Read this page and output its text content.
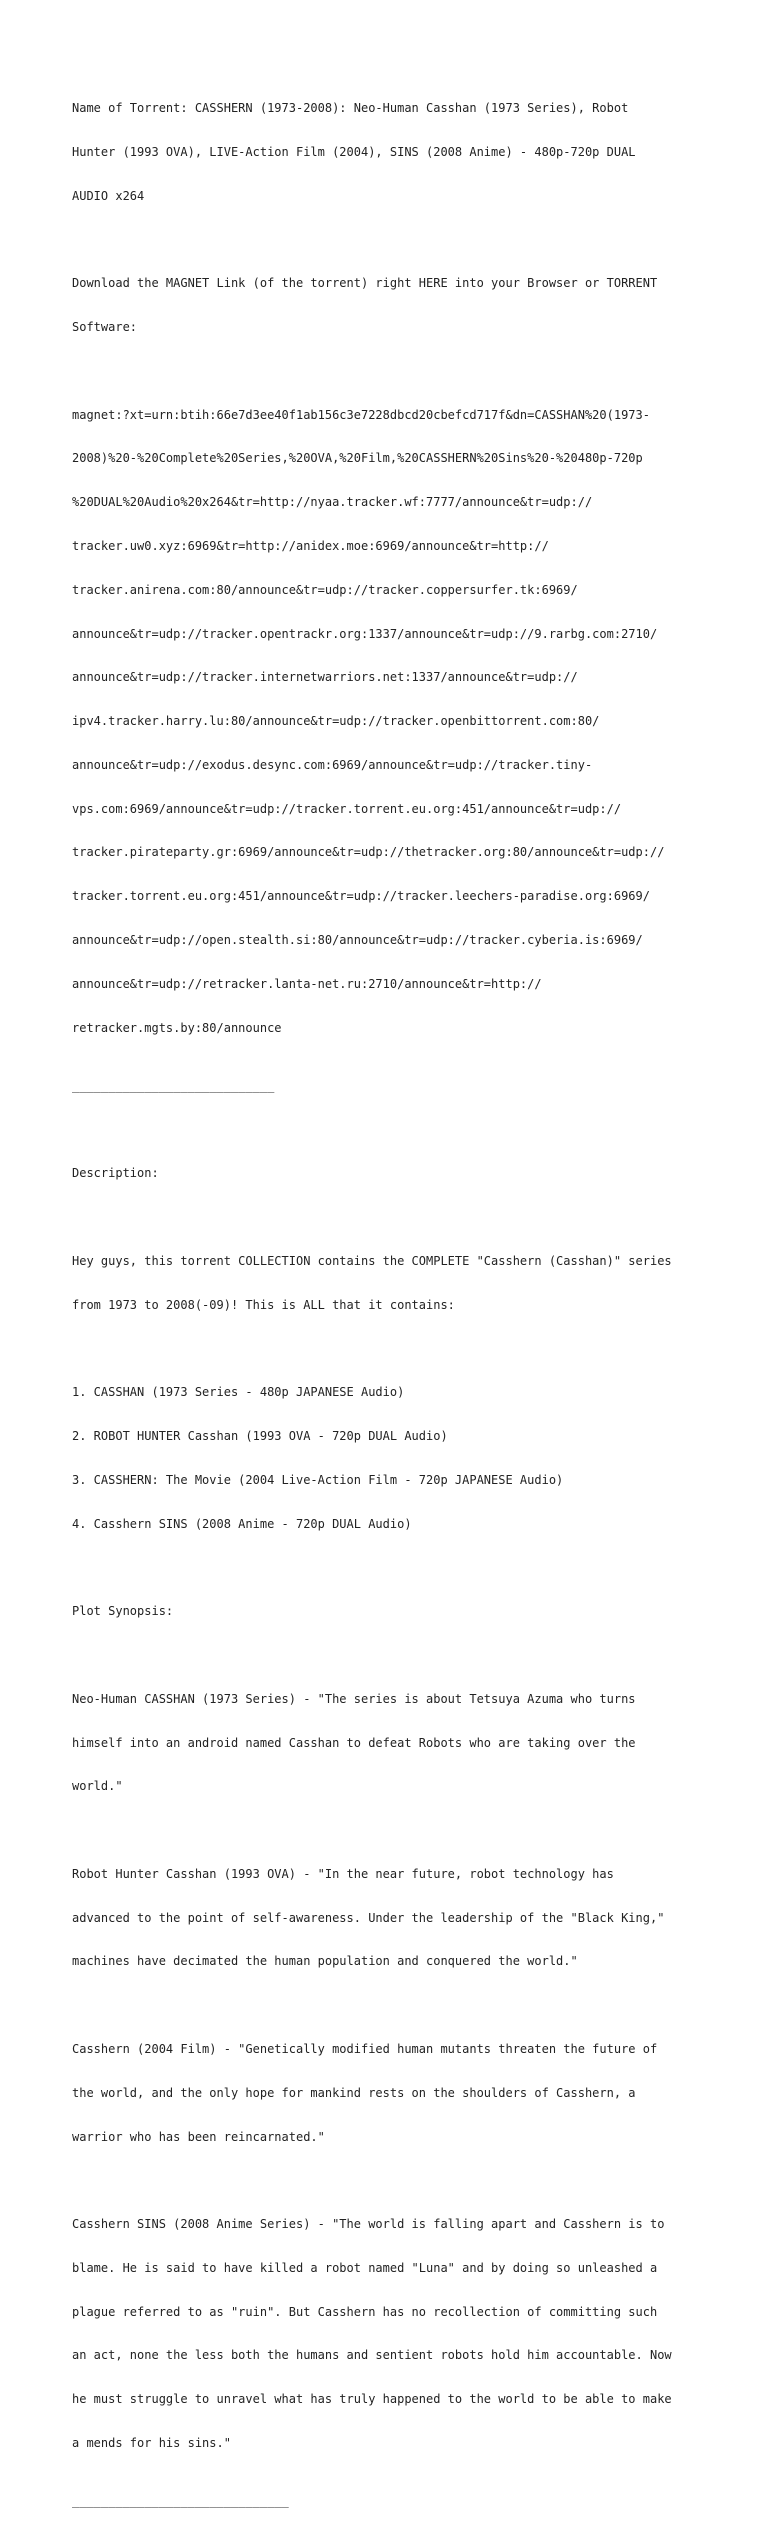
Name of Torrent: CASSHERN (1973-2008): Neo-Human Casshan (1973 Series), Robot

Hunter (1993 OVA), LIVE-Action Film (2004), SINS (2008 Anime) - 480p-720p DUAL

AUDIO x264

Download the MAGNET Link (of the torrent) right HERE into your Browser or TORRENT

Software:

magnet:?xt=urn:btih:66e7d3ee40f1ab156c3e7228dbcd20cbefcd717f&dn=CASSHAN%20(1973-

2008)%20-%20Complete%20Series,%20OVA,%20Film,%20CASSHERN%20Sins%20-%20480p-720p

%20DUAL%20Audio%20x264&tr=http://nyaa.tracker.wf:7777/announce&tr=udp://

tracker.uw0.xyz:6969&tr=http://anidex.moe:6969/announce&tr=http://

tracker.anirena.com:80/announce&tr=udp://tracker.coppersurfer.tk:6969/

announce&tr=udp://tracker.opentrackr.org:1337/announce&tr=udp://9.rarbg.com:2710/

announce&tr=udp://tracker.internetwarriors.net:1337/announce&tr=udp://

ipv4.tracker.harry.lu:80/announce&tr=udp://tracker.openbittorrent.com:80/

announce&tr=udp://exodus.desync.com:6969/announce&tr=udp://tracker.tiny-

vps.com:6969/announce&tr=udp://tracker.torrent.eu.org:451/announce&tr=udp://

tracker.pirateparty.gr:6969/announce&tr=udp://thetracker.org:80/announce&tr=udp://

tracker.torrent.eu.org:451/announce&tr=udp://tracker.leechers-paradise.org:6969/

announce&tr=udp://open.stealth.si:80/announce&tr=udp://tracker.cyberia.is:6969/

announce&tr=udp://retracker.lanta-net.ru:2710/announce&tr=http://

retracker.mgts.by:80/announce

____________________________

Description:

Hey guys, this torrent COLLECTION contains the COMPLETE "Casshern (Casshan)" series

from 1973 to 2008(-09)! This is ALL that it contains:

1. CASSHAN (1973 Series - 480p JAPANESE Audio)

2. ROBOT HUNTER Casshan (1993 OVA - 720p DUAL Audio)

3. CASSHERN: The Movie (2004 Live-Action Film - 720p JAPANESE Audio)

4. Casshern SINS (2008 Anime - 720p DUAL Audio)

Plot Synopsis:

Neo-Human CASSHAN (1973 Series) - "The series is about Tetsuya Azuma who turns

himself into an android named Casshan to defeat Robots who are taking over the

world."

Robot Hunter Casshan (1993 OVA) - "In the near future, robot technology has

advanced to the point of self-awareness. Under the leadership of the "Black King,"

machines have decimated the human population and conquered the world."

Casshern (2004 Film) - "Genetically modified human mutants threaten the future of

the world, and the only hope for mankind rests on the shoulders of Casshern, a

warrior who has been reincarnated."

Casshern SINS (2008 Anime Series) - "The world is falling apart and Casshern is to

blame. He is said to have killed a robot named "Luna" and by doing so unleashed a

plague referred to as "ruin". But Casshern has no recollection of committing such

an act, none the less both the humans and sentient robots hold him accountable. Now

he must struggle to unravel what has truly happened to the world to be able to make

a mends for his sins."

______________________________
